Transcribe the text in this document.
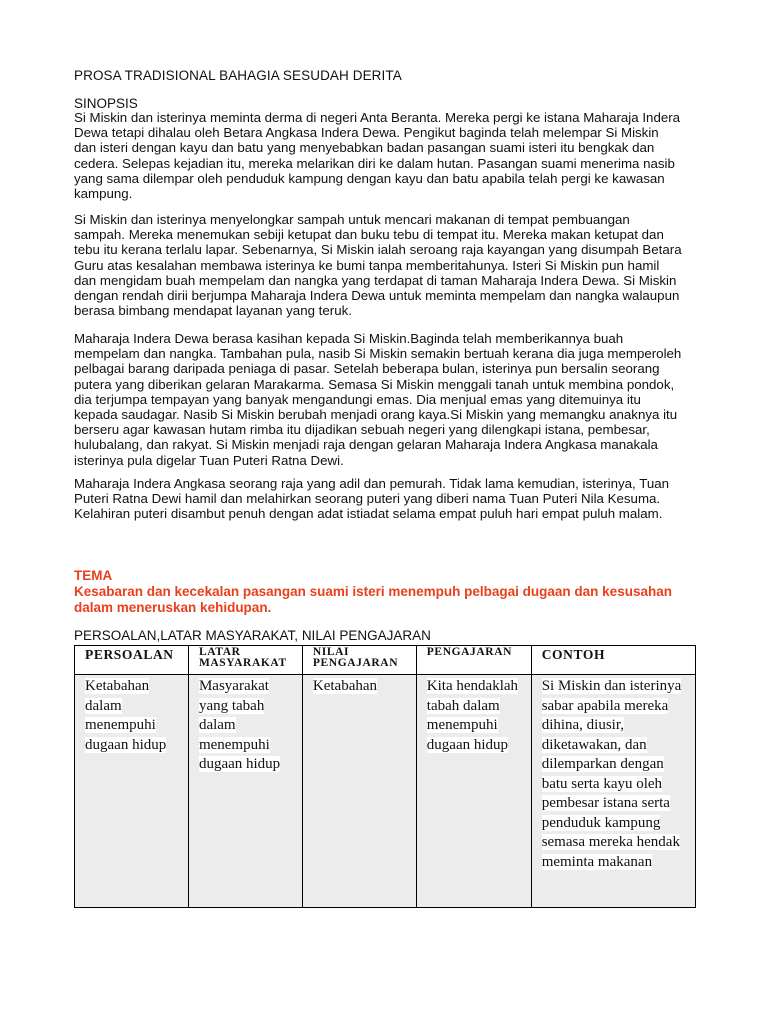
PROSA TRADISIONAL BAHAGIA SESUDAH DERITA
SINOPSIS
Si Miskin dan isterinya meminta derma di negeri Anta Beranta. Mereka pergi ke istana Maharaja Indera Dewa tetapi dihalau oleh Betara Angkasa Indera Dewa. Pengikut baginda telah melempar Si Miskin dan isteri dengan kayu dan batu yang menyebabkan badan pasangan suami isteri itu bengkak dan cedera. Selepas kejadian itu, mereka melarikan diri ke dalam hutan. Pasangan suami menerima nasib yang sama dilempar oleh penduduk kampung dengan kayu dan batu apabila telah pergi ke kawasan kampung.
Si Miskin dan isterinya menyelongkar sampah untuk mencari makanan di tempat pembuangan sampah. Mereka menemukan sebiji ketupat dan buku tebu di tempat itu. Mereka makan ketupat dan tebu itu kerana terlalu lapar. Sebenarnya, Si Miskin ialah seroang raja kayangan yang disumpah Betara Guru atas kesalahan membawa isterinya ke bumi tanpa memberitahunya. Isteri Si Miskin pun hamil dan mengidam buah mempelam dan nangka yang terdapat di taman Maharaja Indera Dewa. Si Miskin dengan rendah dirii berjumpa Maharaja Indera Dewa untuk meminta mempelam dan nangka walaupun berasa bimbang mendapat layanan yang teruk.
Maharaja Indera Dewa berasa kasihan kepada Si Miskin.Baginda telah memberikannya buah mempelam dan nangka. Tambahan pula, nasib Si Miskin semakin bertuah kerana dia juga memperoleh pelbagai barang daripada peniaga di pasar. Setelah beberapa bulan, isterinya pun bersalin seorang putera yang diberikan gelaran Marakarma. Semasa Si Miskin menggali tanah untuk membina pondok, dia terjumpa tempayan yang banyak mengandungi emas. Dia menjual emas yang ditemuinya itu kepada saudagar. Nasib Si Miskin berubah menjadi orang kaya.Si Miskin yang memangku anaknya itu berseru agar kawasan hutam rimba itu dijadikan sebuah negeri yang dilengkapi istana, pembesar, hulubalang, dan rakyat. Si Miskin menjadi raja dengan gelaran Maharaja Indera Angkasa manakala isterinya pula digelar Tuan Puteri Ratna Dewi.
Maharaja Indera Angkasa seorang raja yang adil dan pemurah. Tidak lama kemudian, isterinya, Tuan Puteri Ratna Dewi hamil dan melahirkan seorang puteri yang diberi nama Tuan Puteri Nila Kesuma. Kelahiran puteri disambut penuh dengan adat istiadat selama empat puluh hari empat puluh malam.
TEMA
Kesabaran dan kecekalan pasangan suami isteri menempuh pelbagai dugaan dan kesusahan dalam meneruskan kehidupan.
PERSOALAN,LATAR MASYARAKAT, NILAI PENGAJARAN
PERSOALAN	LATAR MASYARAKAT	NILAI PENGAJARAN	PENGAJARAN	CONTOH

Ketabahan dalam menempuhi dugaan hidup	Masyarakat yang tabah dalam menempuhi dugaan hidup	Ketabahan	Kita hendaklah tabah dalam menempuhi dugaan hidup	Si Miskin dan isterinya sabar apabila mereka dihina, diusir, diketawakan, dan dilemparkan dengan batu serta kayu oleh pembesar istana serta penduduk kampung semasa mereka hendak meminta makanan
